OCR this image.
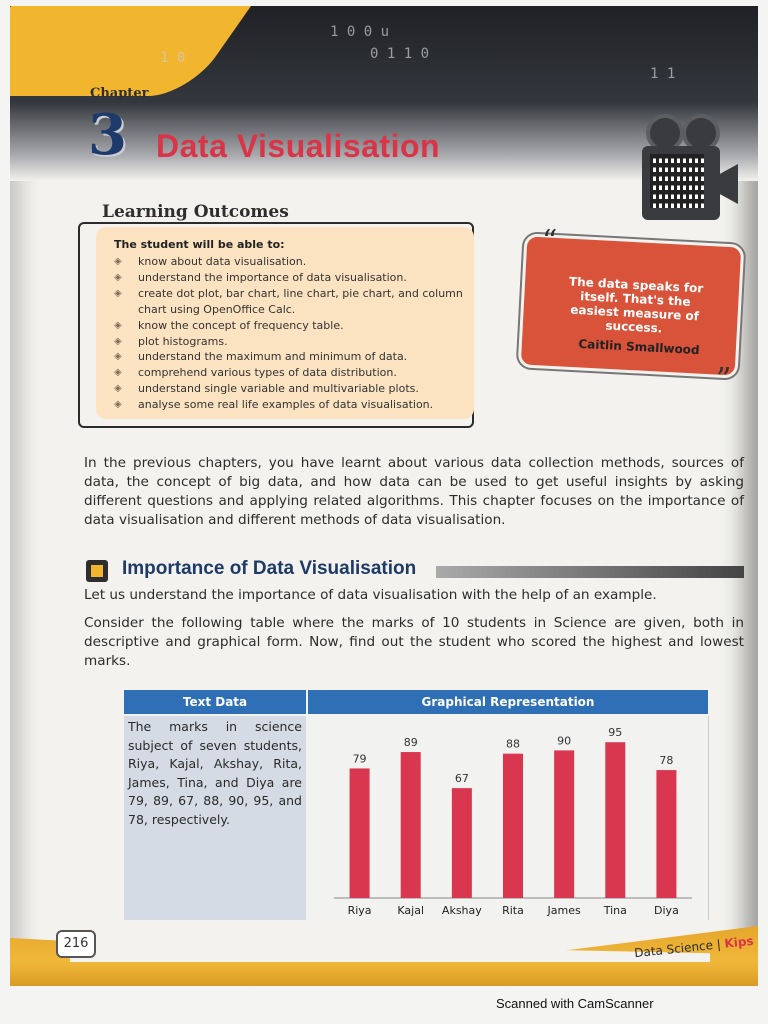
1 0 0 u
1 0	0 1 1 0
1 1
Chapter
3 Data Visualisation
Learning Outcomes
The student will be able to:
◈	know about data visualisation.
◈	understand the importance of data visualisation.
◈	create dot plot, bar chart, line chart, pie chart, and column chart using OpenOffice Calc.
◈	know the concept of frequency table.
◈	plot histograms.
◈	understand the maximum and minimum of data.
◈	comprehend various types of data distribution.
◈	understand single variable and multivariable plots.
◈	analyse some real life examples of data visualisation.
“
The data speaks for itself. That's the easiest measure of success.
Caitlin Smallwood
”

In the previous chapters, you have learnt about various data collection methods, sources of data, the concept of big data, and how data can be used to get useful insights by asking different questions and applying related algorithms. This chapter focuses on the importance of data visualisation and different methods of data visualisation.

Importance of Data Visualisation

Let us understand the importance of data visualisation with the help of an example.

Consider the following table where the marks of 10 students in Science are given, both in descriptive and graphical form. Now, find out the student who scored the highest and lowest marks.

Text Data	Graphical Representation

The marks in science subject of seven students, Riya, Kajal, Akshay, Rita, James, Tina, and Diya are 79, 89, 67, 88, 90, 95, and 78, respectively.

79
Riya
89
Kajal
67
Akshay
88
Rita
90
James
95
Tina
78
Diya
216	Data Science | Kips
Scanned with CamScanner
